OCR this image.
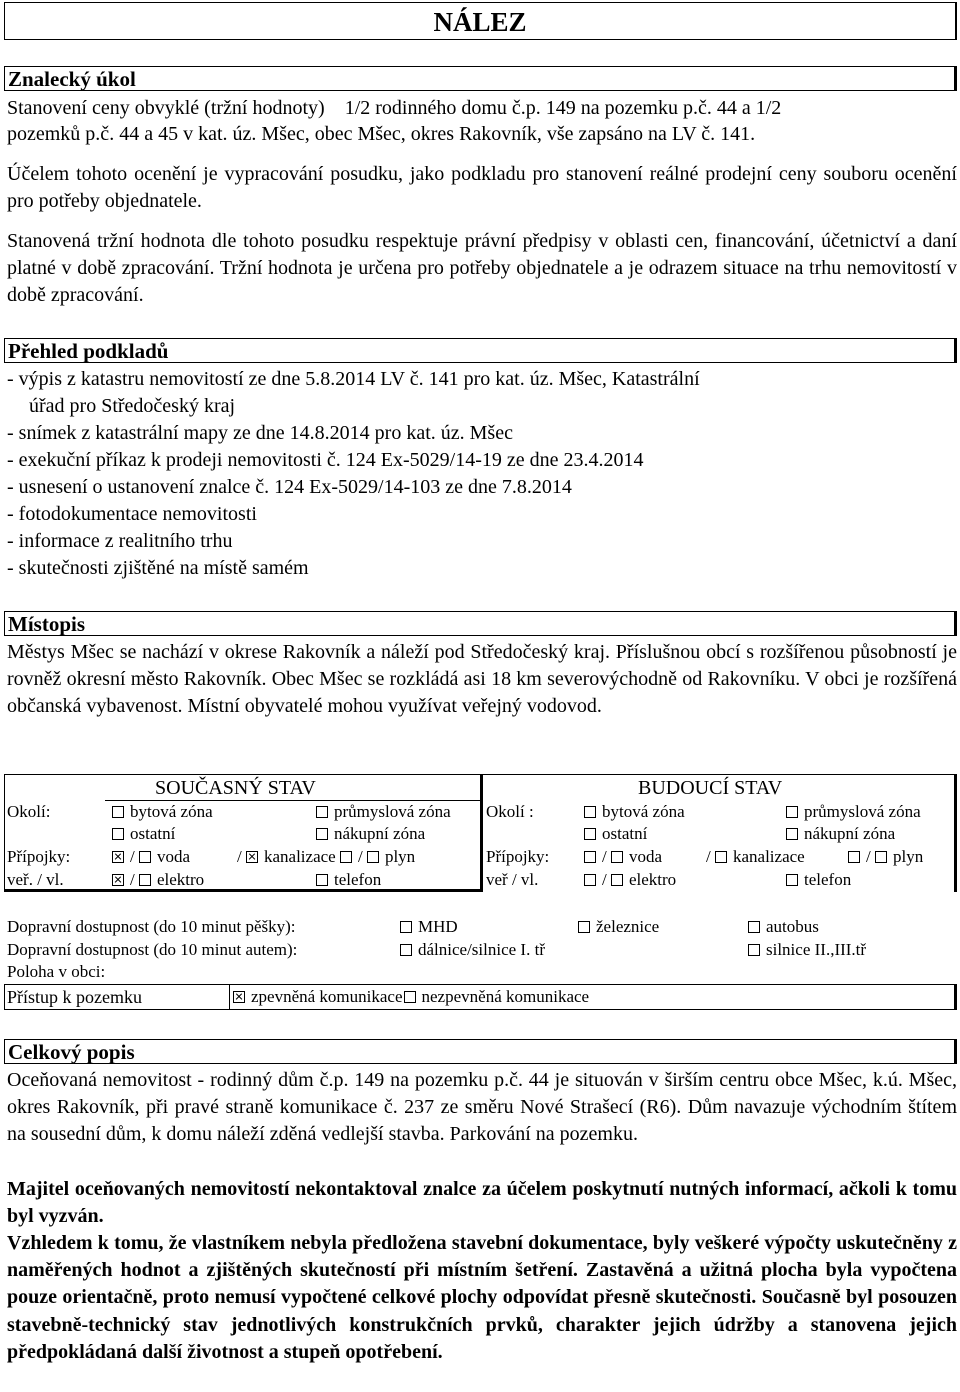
NÁLEZ
Znalecký úkol
Stanovení ceny obvyklé (tržní hodnoty)    1/2 rodinného domu č.p. 149 na pozemku p.č. 44 a 1/2
pozemků p.č. 44 a 45 v kat. úz. Mšec, obec Mšec, okres Rakovník, vše zapsáno na LV č. 141.
Účelem tohoto ocenění je vypracování posudku, jako podkladu pro stanovení reálné prodejní ceny souboru ocenění pro potřeby objednatele.
Stanovená tržní hodnota dle tohoto posudku respektuje právní předpisy v oblasti cen, financování, účetnictví a daní platné v době zpracování. Tržní hodnota je určena pro potřeby objednatele a je odrazem situace na trhu nemovitostí v době zpracování.
Přehled podkladů
- výpis z katastru nemovitostí ze dne 5.8.2014 LV č. 141 pro kat. úz. Mšec, Katastrální
úřad pro Středočeský kraj
- snímek z katastrální mapy ze dne 14.8.2014 pro kat. úz. Mšec
- exekuční příkaz k prodeji nemovitosti č. 124 Ex-5029/14-19 ze dne 23.4.2014
- usnesení o ustanovení znalce č. 124 Ex-5029/14-103 ze dne 7.8.2014
- fotodokumentace nemovitosti
- informace z realitního trhu
- skutečnosti zjištěné na místě samém
Místopis
Městys Mšec se nachází v okrese Rakovník a náleží pod Středočeský kraj. Příslušnou obcí s rozšířenou působností je rovněž okresní město Rakovník. Obec Mšec se rozkládá asi 18 km severovýchodně od Rakovníku. V obci je rozšířená občanská vybavenost. Místní obyvatelé mohou využívat veřejný vodovod.
SOUČASNÝ STAV	BUDOUCÍ STAV
Okolí:	bytová zóna	průmyslová zóna
ostatní	nákupní zóna
Přípojky:	/ voda	/ kanalizace / plyn
veř. / vl.	/ elektro	telefon
Okolí :	bytová zóna	průmyslová zóna
ostatní	nákupní zóna
Přípojky:	/ voda	/ kanalizace	/ plyn
veř / vl.	/ elektro	telefon
Dopravní dostupnost (do 10 minut pěšky):	MHD	železnice	autobus
Dopravní dostupnost (do 10 minut autem):	dálnice/silnice I. tř	silnice II.,III.tř
Poloha v obci:
Přístup k pozemku	zpevněná komunikace nezpevněná komunikace
Celkový popis
Oceňovaná nemovitost - rodinný dům č.p. 149 na pozemku p.č. 44 je situován v širším centru obce Mšec, k.ú. Mšec, okres Rakovník, při pravé straně komunikace č. 237 ze směru Nové Strašecí (R6). Dům navazuje východním štítem na sousední dům, k domu náleží zděná vedlejší stavba. Parkování na pozemku.
Majitel oceňovaných nemovitostí nekontaktoval znalce za účelem poskytnutí nutných informací, ačkoli k tomu byl vyzván.
Vzhledem k tomu, že vlastníkem nebyla předložena stavební dokumentace, byly veškeré výpočty uskutečněny z naměřených hodnot a zjištěných skutečností při místním šetření. Zastavěná a užitná plocha byla vypočtena pouze orientačně, proto nemusí vypočtené celkové plochy odpovídat přesně skutečnosti. Současně byl posouzen stavebně-technický stav jednotlivých konstrukčních prvků, charakter jejich údržby a stanovena jejich předpokládaná další životnost a stupeň opotřebení.
